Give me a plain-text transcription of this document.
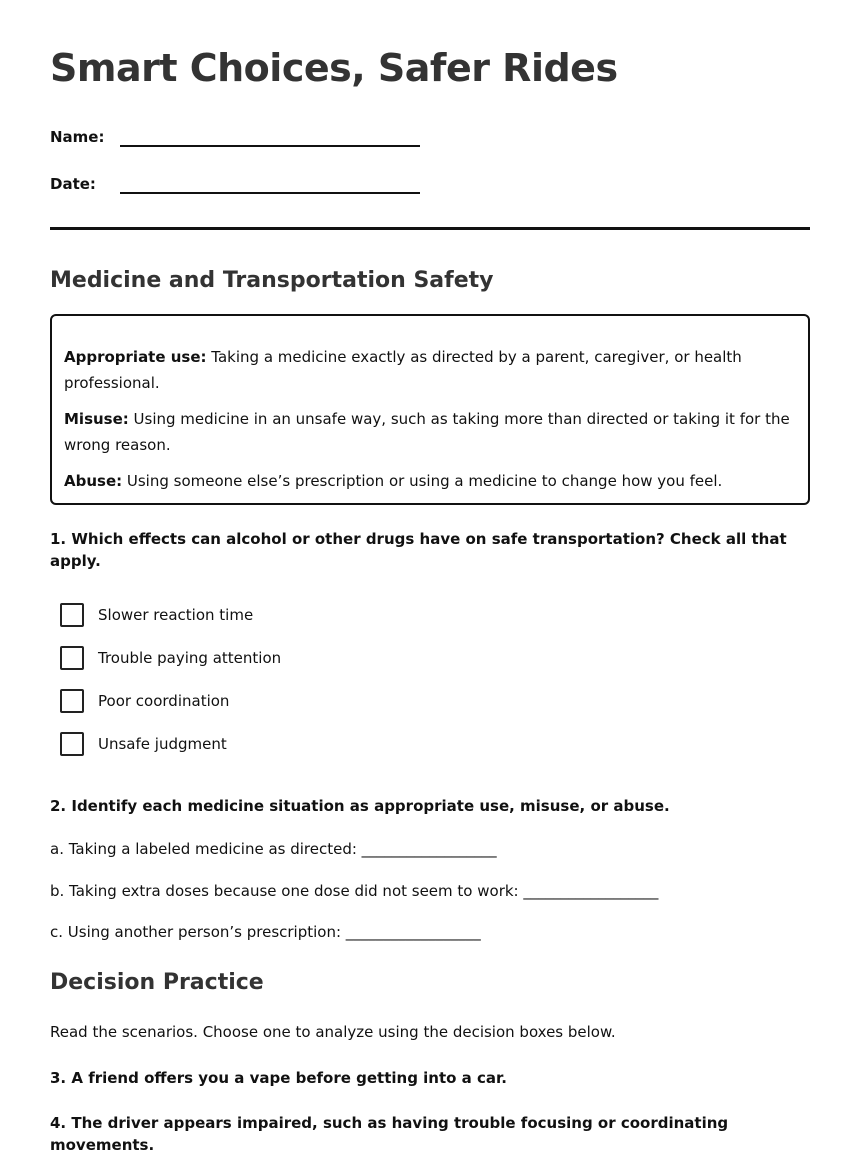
Smart Choices, Safer Rides
Name:
Date:
Medicine and Transportation Safety

Appropriate use: Taking a medicine exactly as directed by a parent, caregiver, or health professional.

Misuse: Using medicine in an unsafe way, such as taking more than directed or taking it for the wrong reason.

Abuse: Using someone else’s prescription or using a medicine to change how you feel.

1. Which effects can alcohol or other drugs have on safe transportation? Check all that apply.

Slower reaction time
Trouble paying attention
Poor coordination
Unsafe judgment

2. Identify each medicine situation as appropriate use, misuse, or abuse.

a. Taking a labeled medicine as directed: __________________

b. Taking extra doses because one dose did not seem to work: __________________

c. Using another person’s prescription: __________________

Decision Practice

Read the scenarios. Choose one to analyze using the decision boxes below.

3. A friend offers you a vape before getting into a car.

4. The driver appears impaired, such as having trouble focusing or coordinating movements.
